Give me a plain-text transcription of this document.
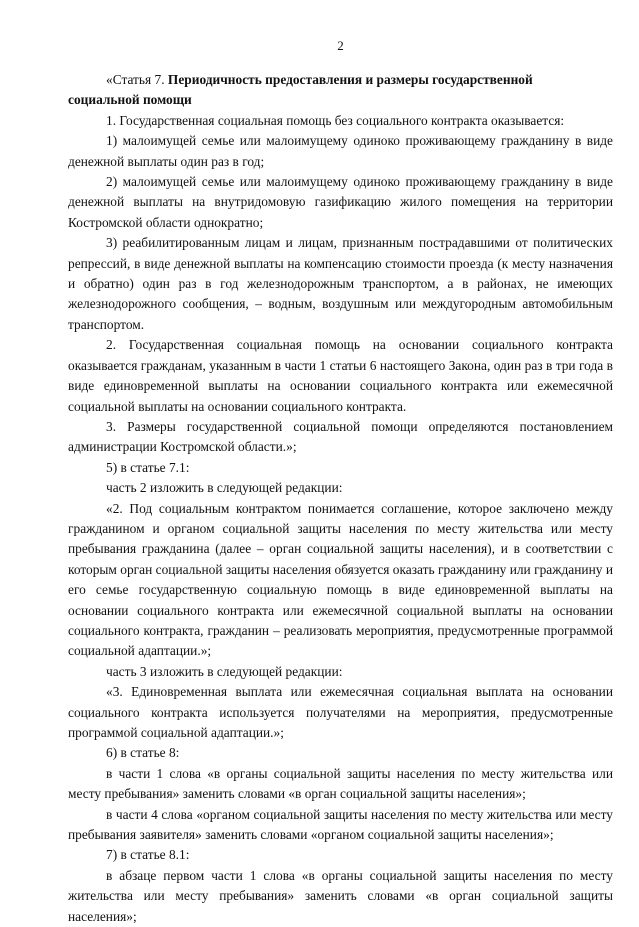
2

«Статья 7. Периодичность предоставления и размеры государственной
социальной помощи

1. Государственная социальная помощь без социального контракта оказывается:

1) малоимущей семье или малоимущему одиноко проживающему гражданину в виде денежной выплаты один раз в год;

2) малоимущей семье или малоимущему одиноко проживающему гражданину в виде денежной выплаты на внутридомовую газификацию жилого помещения на территории Костромской области однократно;

3) реабилитированным лицам и лицам, признанным пострадавшими от политических репрессий, в виде денежной выплаты на компенсацию стоимости проезда (к месту назначения и обратно) один раз в год железнодорожным транспортом, а в районах, не имеющих железнодорожного сообщения, – водным, воздушным или междугородным автомобильным транспортом.

2. Государственная социальная помощь на основании социального контракта оказывается гражданам, указанным в части 1 статьи 6 настоящего Закона, один раз в три года в виде единовременной выплаты на основании социального контракта или ежемесячной социальной выплаты на основании социального контракта.

3. Размеры государственной социальной помощи определяются постановлением администрации Костромской области.»;

5) в статье 7.1:

часть 2 изложить в следующей редакции:

«2. Под социальным контрактом понимается соглашение, которое заключено между гражданином и органом социальной защиты населения по месту жительства или месту пребывания гражданина (далее – орган социальной защиты населения), и в соответствии с которым орган социальной защиты населения обязуется оказать гражданину или гражданину и его семье государственную социальную помощь в виде единовременной выплаты на основании социального контракта или ежемесячной социальной выплаты на основании социального контракта, гражданин – реализовать мероприятия, предусмотренные программой социальной адаптации.»;

часть 3 изложить в следующей редакции:

«3. Единовременная выплата или ежемесячная социальная выплата на основании социального контракта используется получателями на мероприятия, предусмотренные программой социальной адаптации.»;

6) в статье 8:

в части 1 слова «в органы социальной защиты населения по месту жительства или месту пребывания» заменить словами «в орган социальной защиты населения»;

в части 4 слова «органом социальной защиты населения по месту жительства или месту пребывания заявителя» заменить словами «органом социальной защиты населения»;

7) в статье 8.1:

в абзаце первом части 1 слова «в органы социальной защиты населения по месту жительства или месту пребывания» заменить словами «в орган социальной защиты населения»;
